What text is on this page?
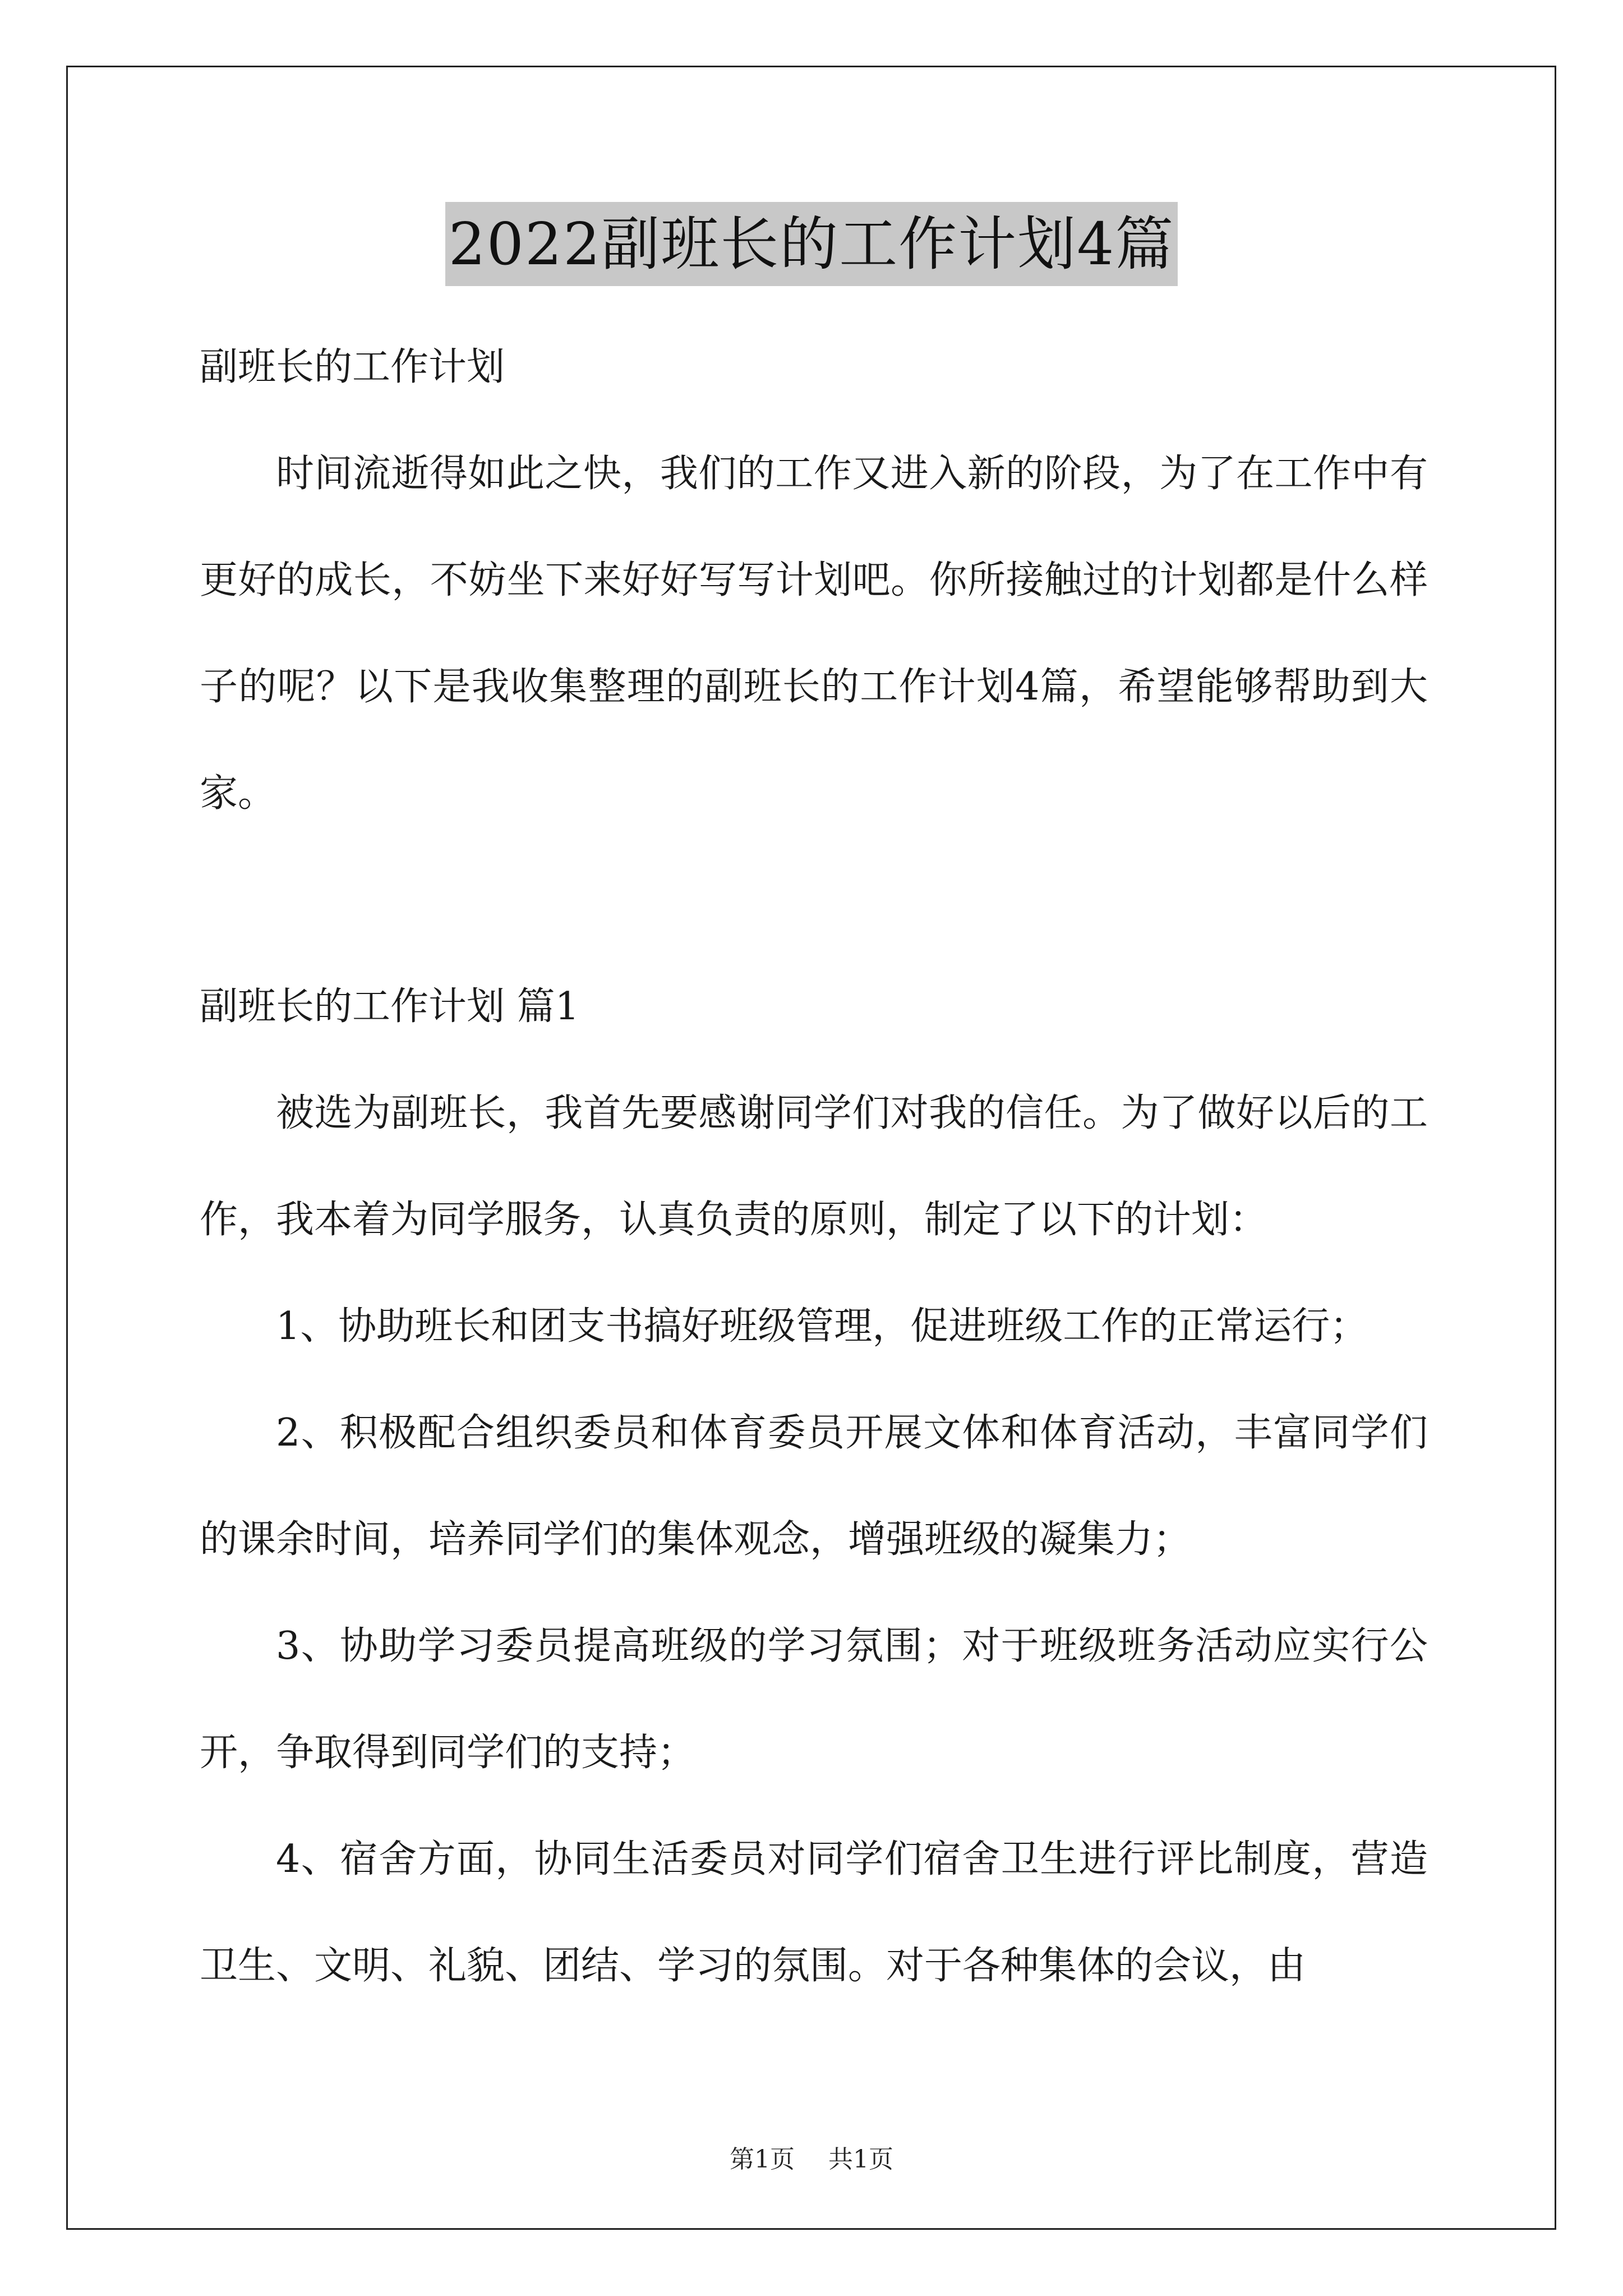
2022副班长的工作计划4篇

副班长的工作计划

时间流逝得如此之快，我们的工作又进入新的阶段，为了在工作中有更好的成长，不妨坐下来好好写写计划吧。你所接触过的计划都是什么样子的呢？以下是我收集整理的副班长的工作计划4篇，希望能够帮助到大家。

副班长的工作计划 篇1

被选为副班长，我首先要感谢同学们对我的信任。为了做好以后的工作，我本着为同学服务，认真负责的原则，制定了以下的计划：

1、协助班长和团支书搞好班级管理，促进班级工作的正常运行；

2、积极配合组织委员和体育委员开展文体和体育活动，丰富同学们的课余时间，培养同学们的集体观念，增强班级的凝集力；

3、协助学习委员提高班级的学习氛围；对于班级班务活动应实行公开，争取得到同学们的支持；

4、宿舍方面，协同生活委员对同学们宿舍卫生进行评比制度，营造卫生、文明、礼貌、团结、学习的氛围。对于各种集体的会议，由

第1页 共1页
